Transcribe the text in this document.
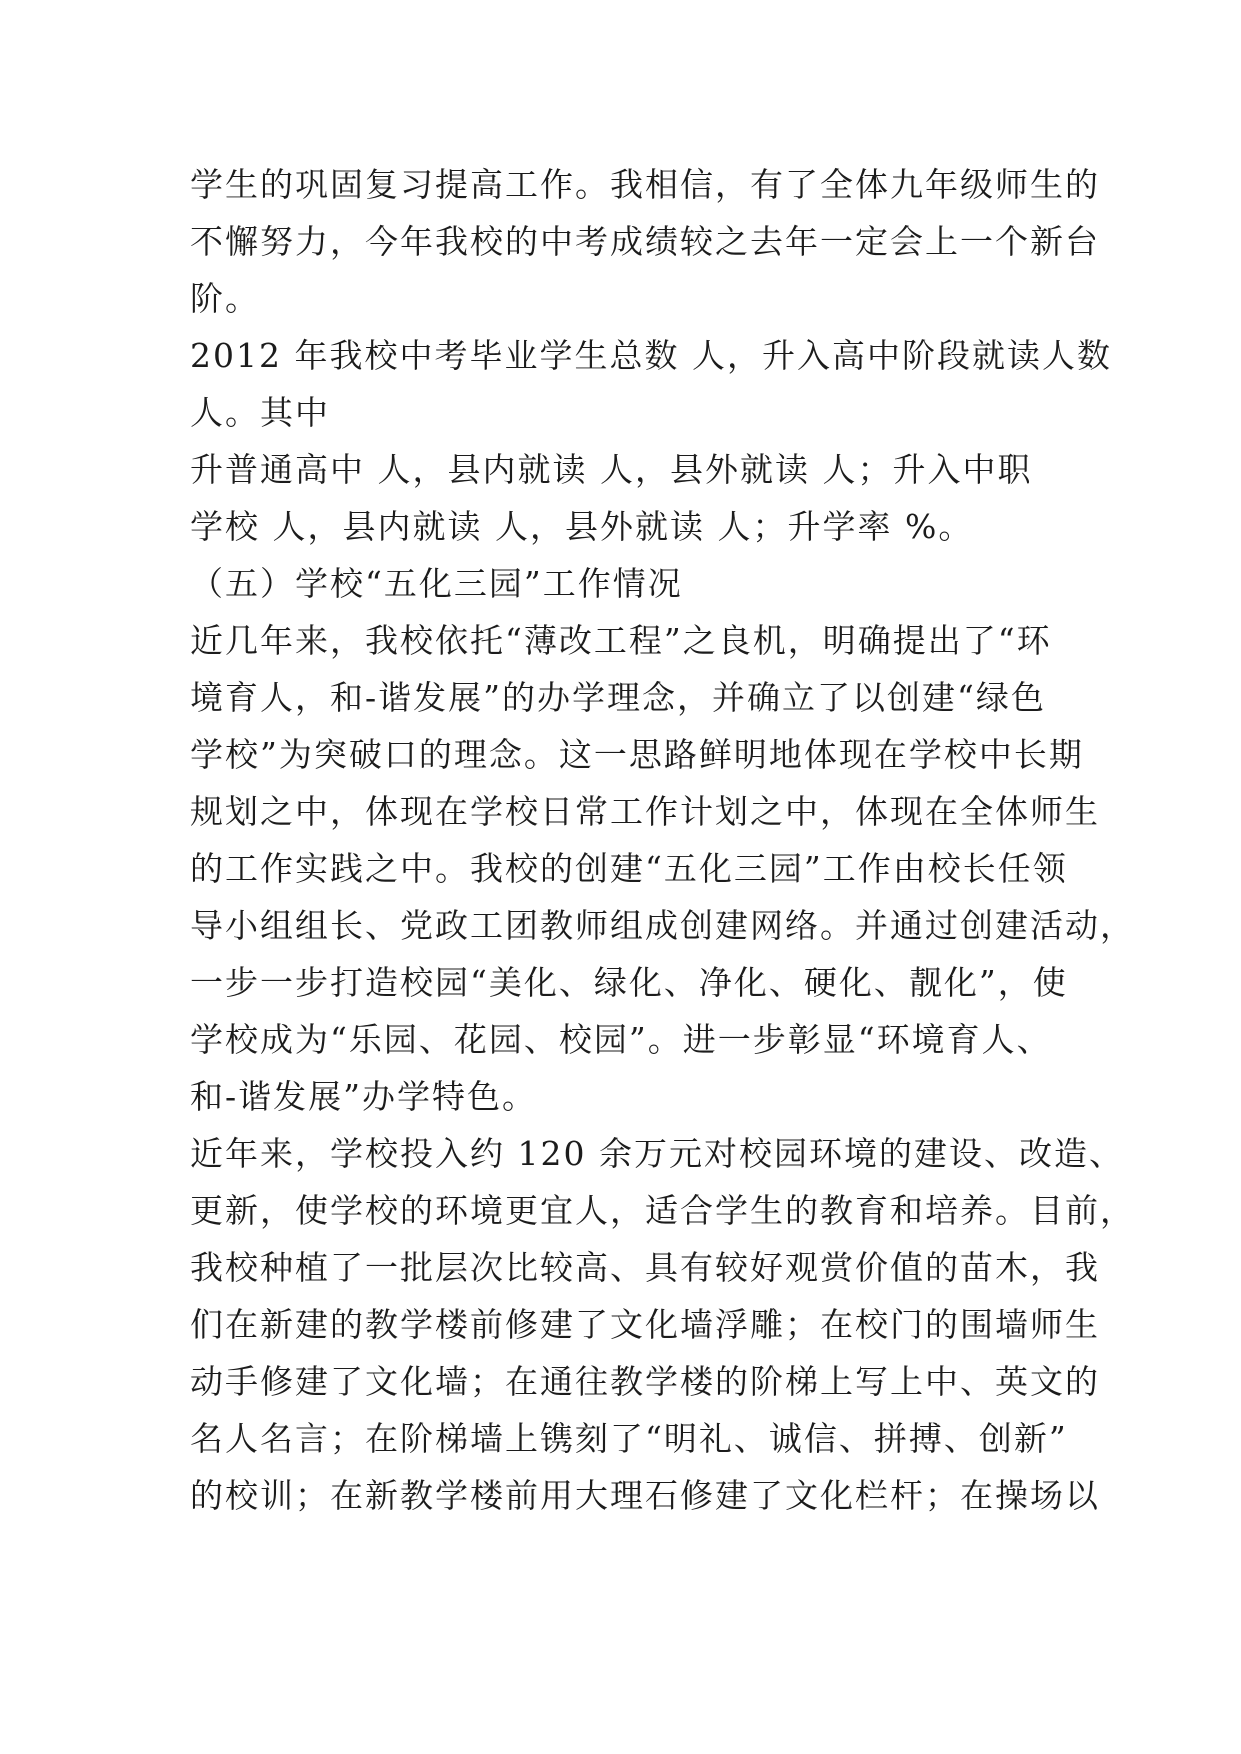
学生的巩固复习提高工作。我相信，有了全体九年级师生的
不懈努力，今年我校的中考成绩较之去年一定会上一个新台
阶。
2012 年我校中考毕业学生总数 人，升入高中阶段就读人数
人。其中
升普通高中 人，县内就读 人，县外就读 人；升入中职
学校 人，县内就读 人，县外就读 人；升学率 %。
（五）学校“五化三园”工作情况
近几年来，我校依托“薄改工程”之良机，明确提出了“环
境育人，和-谐发展”的办学理念，并确立了以创建“绿色
学校”为突破口的理念。这一思路鲜明地体现在学校中长期
规划之中，体现在学校日常工作计划之中，体现在全体师生
的工作实践之中。我校的创建“五化三园”工作由校长任领
导小组组长、党政工团教师组成创建网络。并通过创建活动，
一步一步打造校园“美化、绿化、净化、硬化、靓化”，使
学校成为“乐园、花园、校园”。进一步彰显“环境育人、
和-谐发展”办学特色。
近年来，学校投入约 120 余万元对校园环境的建设、改造、
更新，使学校的环境更宜人，适合学生的教育和培养。目前，
我校种植了一批层次比较高、具有较好观赏价值的苗木，我
们在新建的教学楼前修建了文化墙浮雕；在校门的围墙师生
动手修建了文化墙；在通往教学楼的阶梯上写上中、英文的
名人名言；在阶梯墙上镌刻了“明礼、诚信、拼搏、创新”
的校训；在新教学楼前用大理石修建了文化栏杆；在操场以
